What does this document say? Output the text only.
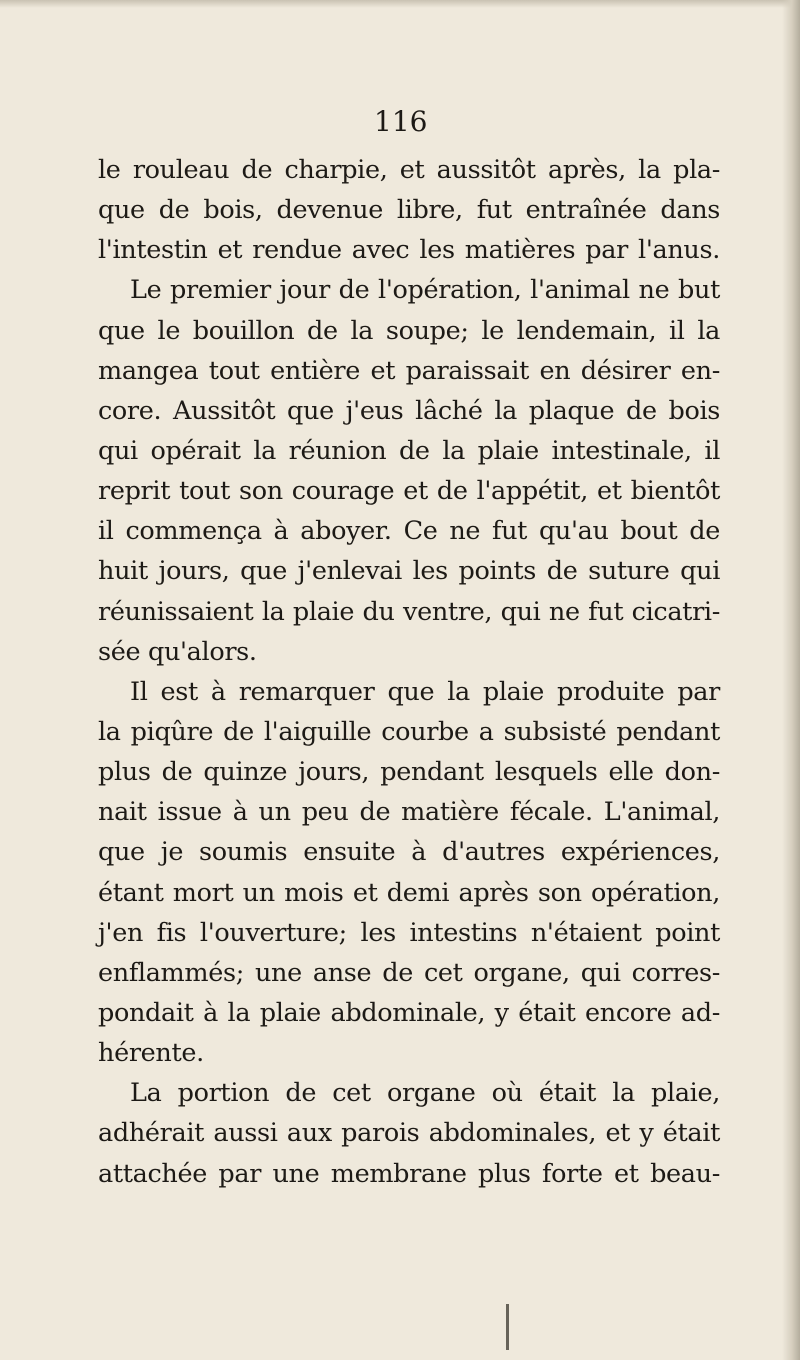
116
le rouleau de charpie, et aussitôt après, la pla-
que de bois, devenue libre, fut entraînée dans
l'intestin et rendue avec les matières par l'anus.
Le premier jour de l'opération, l'animal ne but
que le bouillon de la soupe; le lendemain, il la
mangea tout entière et paraissait en désirer en-
core. Aussitôt que j'eus lâché la plaque de bois
qui opérait la réunion de la plaie intestinale, il
reprit tout son courage et de l'appétit, et bientôt
il commença à aboyer. Ce ne fut qu'au bout de
huit jours, que j'enlevai les points de suture qui
réunissaient la plaie du ventre, qui ne fut cicatri-
sée qu'alors.
Il est à remarquer que la plaie produite par
la piqûre de l'aiguille courbe a subsisté pendant
plus de quinze jours, pendant lesquels elle don-
nait issue à un peu de matière fécale. L'animal,
que je soumis ensuite à d'autres expériences,
étant mort un mois et demi après son opération,
j'en fis l'ouverture; les intestins n'étaient point
enflammés; une anse de cet organe, qui corres-
pondait à la plaie abdominale, y était encore ad-
hérente.
La portion de cet organe où était la plaie,
adhérait aussi aux parois abdominales, et y était
attachée par une membrane plus forte et beau-
